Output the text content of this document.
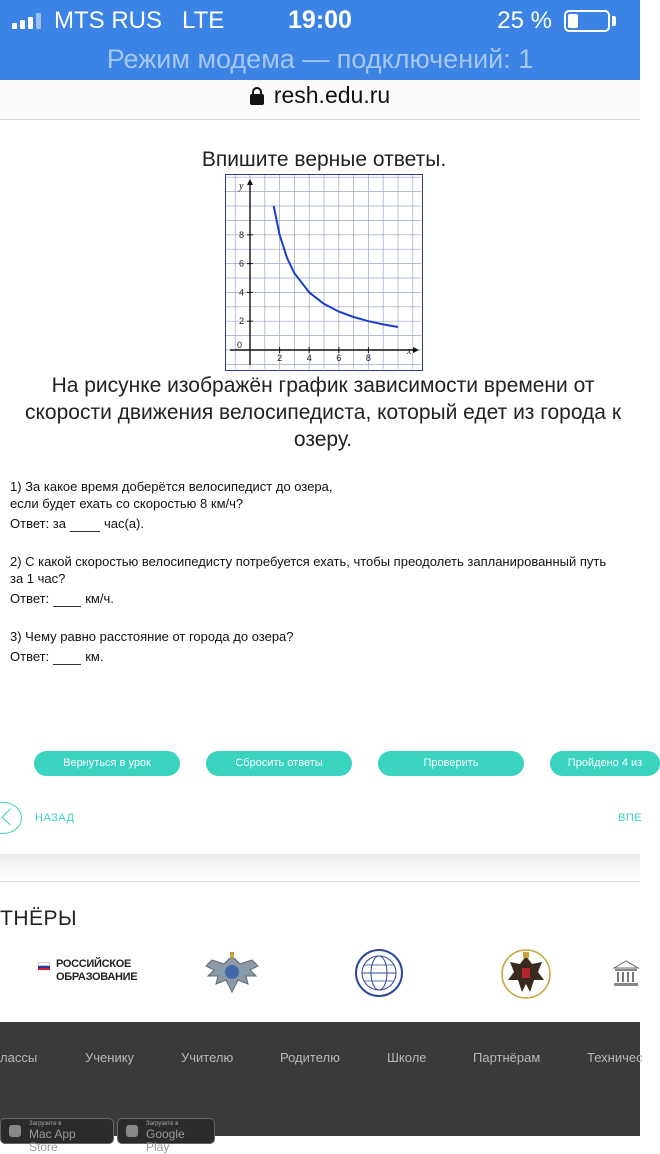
MTS RUS LTE	19:00	25 %
Режим модема — подключений: 1
resh.edu.ru
Впишите верные ответы.
2	4	6	8
2
4
6
8
0
x
y
На рисунке изображён график зависимости времени от скорости движения велосипедиста, который едет из города к озеру.
1) За какое время доберётся велосипедист до озера,
если будет ехать со скоростью 8 км/ч?
Ответ: за	час(а).
2) С какой скоростью велосипедисту потребуется ехать, чтобы преодолеть запланированный путь
за 1 час?
Ответ:	км/ч.
3) Чему равно расстояние от города до озера?
Ответ:	км.
Вернуться в урок	Сбросить ответы	Проверить	Пройдено 4 из
НАЗАД	ВПЕ
ТНЁРЫ
РОССИЙСКОЕ
ОБРАЗОВАНИЕ
лассы	Ученику	Учителю	Родителю	Школе	Партнёрам	Техничес
Загрузите в
Mac App Store
Загрузите в
Google Play
